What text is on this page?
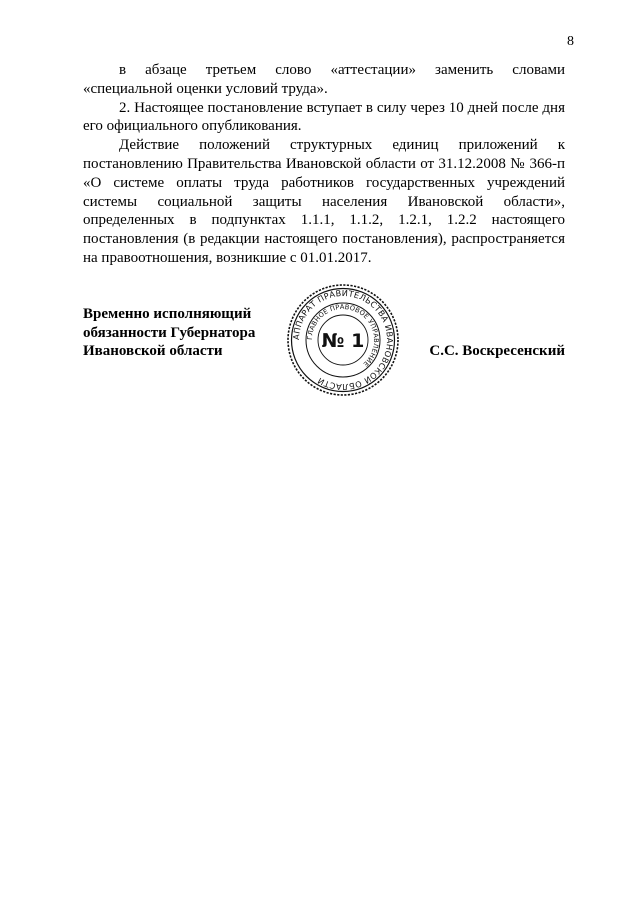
8

в абзаце третьем слово «аттестации» заменить словами «специальной оценки условий труда».

2. Настоящее постановление вступает в силу через 10 дней после дня его официального опубликования.

Действие положений структурных единиц приложений к постановлению Правительства Ивановской области от 31.12.2008 № 366-п «О системе оплаты труда работников государственных учреждений системы социальной защиты населения Ивановской области», определенных в подпунктах 1.1.1, 1.1.2, 1.2.1, 1.2.2 настоящего постановления (в редакции настоящего постановления), распространяется на правоотношения, возникшие с 01.01.2017.

Временно исполняющий
обязанности Губернатора
Ивановской области
АППАРАТ ПРАВИТЕЛЬСТВА ИВАНОВСКОЙ ОБЛАСТИ
ГЛАВНОЕ ПРАВОВОЕ УПРАВЛЕНИЕ
№ 1	С.С. Воскресенский
